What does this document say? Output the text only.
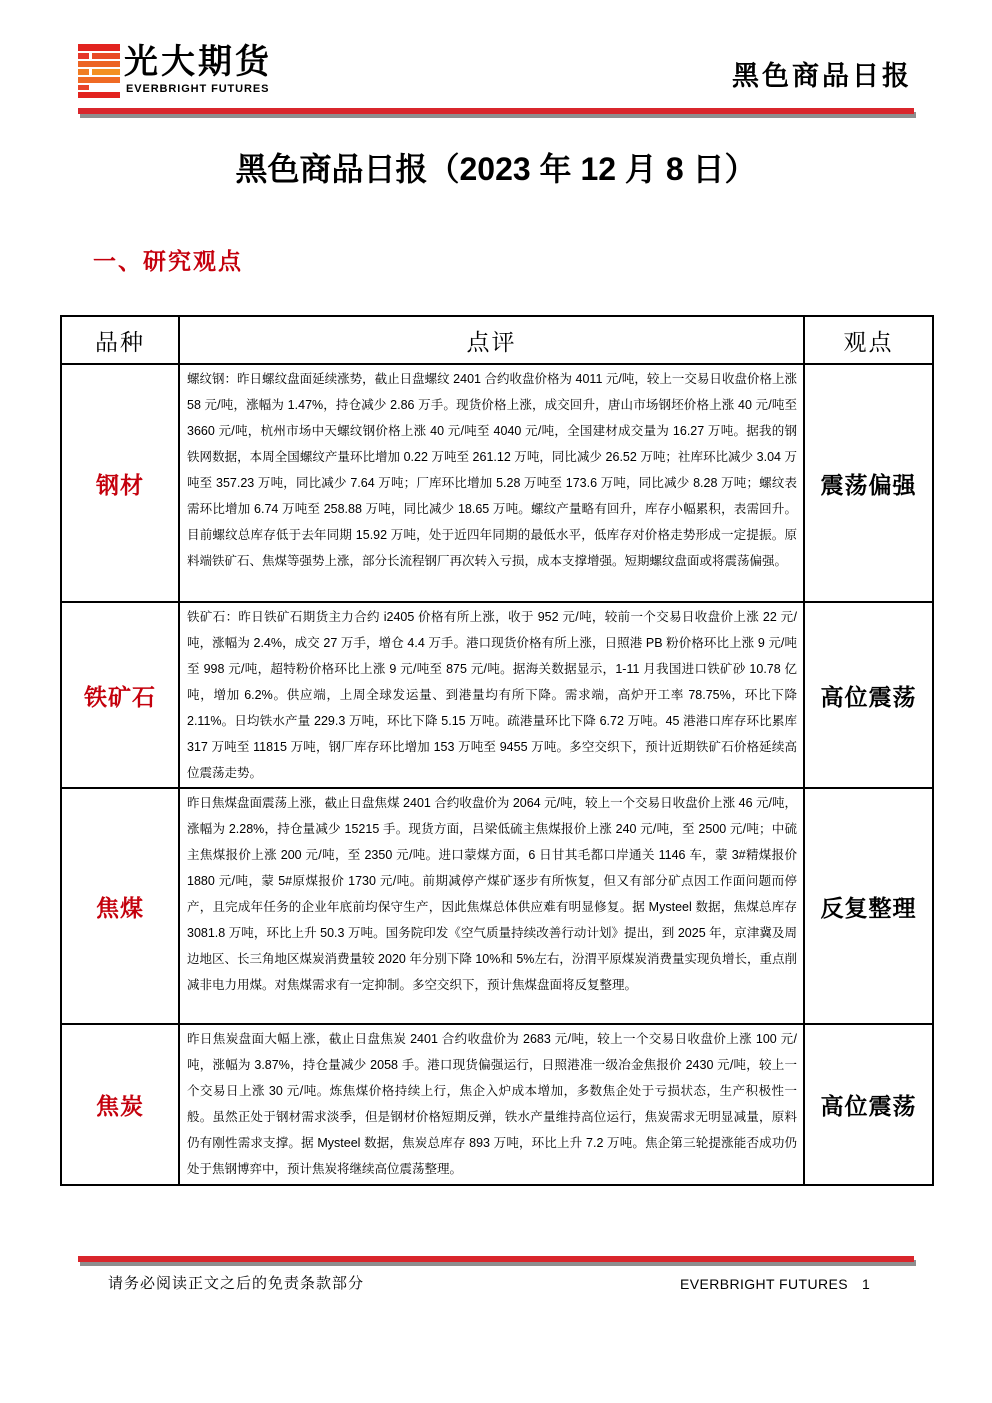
光大期货
EVERBRIGHT FUTURES	黑色商品日报
黑色商品日报（2023 年 12 月 8 日）
一、研究观点
品种	点评	观点
钢材	螺纹钢：昨日螺纹盘面延续涨势，截止日盘螺纹 2401 合约收盘价格为 4011 元/吨，较上一交易日收盘价格上涨 58 元/吨，涨幅为 1.47%，持仓减少 2.86 万手。现货价格上涨，成交回升，唐山市场钢坯价格上涨 40 元/吨至 3660 元/吨，杭州市场中天螺纹钢价格上涨 40 元/吨至 4040 元/吨，全国建材成交量为 16.27 万吨。据我的钢铁网数据，本周全国螺纹产量环比增加 0.22 万吨至 261.12 万吨，同比减少 26.52 万吨；社库环比减少 3.04 万吨至 357.23 万吨，同比减少 7.64 万吨；厂库环比增加 5.28 万吨至 173.6 万吨，同比减少 8.28 万吨；螺纹表需环比增加 6.74 万吨至 258.88 万吨，同比减少 18.65 万吨。螺纹产量略有回升，库存小幅累积，表需回升。目前螺纹总库存低于去年同期 15.92 万吨，处于近四年同期的最低水平，低库存对价格走势形成一定提振。原料端铁矿石、焦煤等强势上涨，部分长流程钢厂再次转入亏损，成本支撑增强。短期螺纹盘面或将震荡偏强。	震荡偏强
铁矿石	铁矿石：昨日铁矿石期货主力合约 i2405 价格有所上涨，收于 952 元/吨，较前一个交易日收盘价上涨 22 元/吨，涨幅为 2.4%，成交 27 万手，增仓 4.4 万手。港口现货价格有所上涨，日照港 PB 粉价格环比上涨 9 元/吨至 998 元/吨，超特粉价格环比上涨 9 元/吨至 875 元/吨。据海关数据显示，1-11 月我国进口铁矿砂 10.78 亿吨，增加 6.2%。供应端，上周全球发运量、到港量均有所下降。需求端，高炉开工率 78.75%，环比下降 2.11%。日均铁水产量 229.3 万吨，环比下降 5.15 万吨。疏港量环比下降 6.72 万吨。45 港港口库存环比累库 317 万吨至 11815 万吨，钢厂库存环比增加 153 万吨至 9455 万吨。多空交织下，预计近期铁矿石价格延续高位震荡走势。	高位震荡
焦煤	昨日焦煤盘面震荡上涨，截止日盘焦煤 2401 合约收盘价为 2064 元/吨，较上一个交易日收盘价上涨 46 元/吨，涨幅为 2.28%，持仓量减少 15215 手。现货方面，吕梁低硫主焦煤报价上涨 240 元/吨，至 2500 元/吨；中硫主焦煤报价上涨 200 元/吨，至 2350 元/吨。进口蒙煤方面，6 日甘其毛都口岸通关 1146 车，蒙 3#精煤报价 1880 元/吨，蒙 5#原煤报价 1730 元/吨。前期减停产煤矿逐步有所恢复，但又有部分矿点因工作面问题而停产，且完成年任务的企业年底前均保守生产，因此焦煤总体供应难有明显修复。据 Mysteel 数据，焦煤总库存 3081.8 万吨，环比上升 50.3 万吨。国务院印发《空气质量持续改善行动计划》提出，到 2025 年，京津冀及周边地区、长三角地区煤炭消费量较 2020 年分别下降 10%和 5%左右，汾渭平原煤炭消费量实现负增长，重点削减非电力用煤。对焦煤需求有一定抑制。多空交织下，预计焦煤盘面将反复整理。	反复整理
焦炭	昨日焦炭盘面大幅上涨，截止日盘焦炭 2401 合约收盘价为 2683 元/吨，较上一个交易日收盘价上涨 100 元/吨，涨幅为 3.87%，持仓量减少 2058 手。港口现货偏强运行，日照港准一级冶金焦报价 2430 元/吨，较上一个交易日上涨 30 元/吨。炼焦煤价格持续上行，焦企入炉成本增加，多数焦企处于亏损状态，生产积极性一般。虽然正处于钢材需求淡季，但是钢材价格短期反弹，铁水产量维持高位运行，焦炭需求无明显减量，原料仍有刚性需求支撑。据 Mysteel 数据，焦炭总库存 893 万吨，环比上升 7.2 万吨。焦企第三轮提涨能否成功仍处于焦钢博弈中，预计焦炭将继续高位震荡整理。	高位震荡
请务必阅读正文之后的免责条款部分	EVERBRIGHT FUTURES 1
